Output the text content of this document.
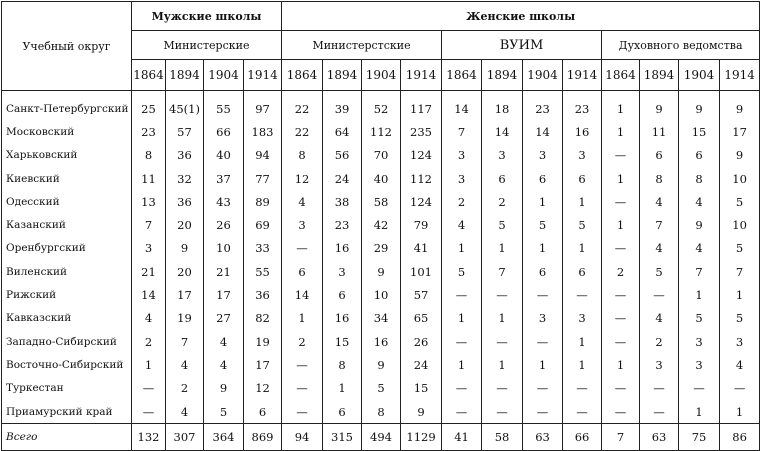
Учебный округ	Мужские школы				Женские школы											
	Министерские				Министерстские				ВУИМ				Духовного ведомства			
	1864	1894	1904	1914	1864	1894	1904	1914	1864	1894	1904	1914	1864	1894	1904	1914
Санкт-Петербургский	25	45(1)	55	97	22	39	52	117	14	18	23	23	1	9	9	9
Московский	23	57	66	183	22	64	112	235	7	14	14	16	1	11	15	17
Харьковский	8	36	40	94	8	56	70	124	3	3	3	3	—	6	6	9
Киевский	11	32	37	77	12	24	40	112	3	6	6	6	1	8	8	10
Одесский	13	36	43	89	4	38	58	124	2	2	1	1	—	4	4	5
Казанский	7	20	26	69	3	23	42	79	4	5	5	5	1	7	9	10
Оренбургский	3	9	10	33	—	16	29	41	1	1	1	1	—	4	4	5
Виленский	21	20	21	55	6	3	9	101	5	7	6	6	2	5	7	7
Рижский	14	17	17	36	14	6	10	57	—	—	—	—	—	—	1	1
Кавказский	4	19	27	82	1	16	34	65	1	1	3	3	—	4	5	5
Западно-Сибирский	2	7	4	19	2	15	16	26	—	—	—	1	—	2	3	3
Восточно-Сибирский	1	4	4	17	—	8	9	24	1	1	1	1	1	3	3	4
Туркестан	—	2	9	12	—	1	5	15	—	—	—	—	—	—	—	—
Приамурский край	—	4	5	6	—	6	8	9	—	—	—	—	—	—	1	1
Всего	132	307	364	869	94	315	494	1129	41	58	63	66	7	63	75	86
